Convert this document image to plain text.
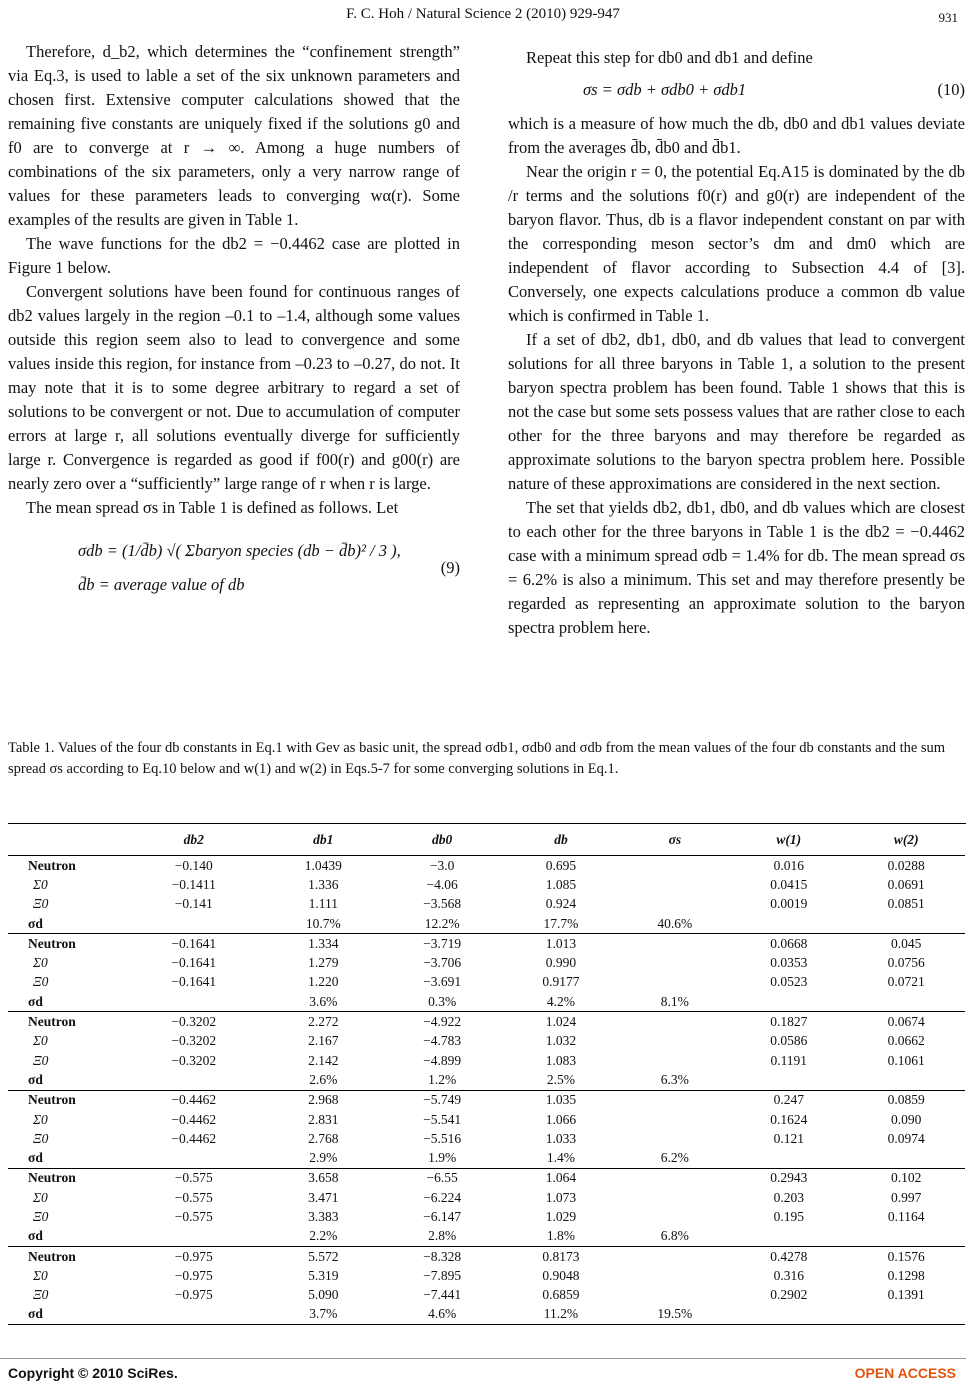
F. C. Hoh / Natural Science 2 (2010) 929-947	931

Therefore, d_b2, which determines the “confinement strength” via Eq.3, is used to lable a set of the six unknown parameters and chosen first. Extensive computer calculations showed that the remaining five constants are uniquely fixed if the solutions g0 and f0 are to converge at r → ∞. Among a huge numbers of combinations of the six parameters, only a very narrow range of values for these parameters leads to converging wα(r). Some examples of the results are given in Table 1.

The wave functions for the db2 = −0.4462 case are plotted in Figure 1 below.

Convergent solutions have been found for continuous ranges of db2 values largely in the region –0.1 to –1.4, although some values outside this region seem also to lead to convergence and some values inside this region, for instance from –0.23 to –0.27, do not. It may note that it is to some degree arbitrary to regard a set of solutions to be convergent or not. Due to accumulation of computer errors at large r, all solutions eventually diverge for sufficiently large r. Convergence is regarded as good if f00(r) and g00(r) are nearly zero over a “sufficiently” large range of r when r is large.

The mean spread σs in Table 1 is defined as follows. Let

σdb = (1/d̄b) √( Σbaryon species (db − d̄b)² / 3 ),
d̄b = average value of db
(9)
Repeat this step for db0 and db1 and define
σs = σdb + σdb0 + σdb1	(10)

which is a measure of how much the db, db0 and db1 values deviate from the averages d̄b, d̄b0 and d̄b1.

Near the origin r = 0, the potential Eq.A15 is dominated by the db /r terms and the solutions f0(r) and g0(r) are independent of the baryon flavor. Thus, db is a flavor independent constant on par with the corresponding meson sector’s dm and dm0 which are independent of flavor according to Subsection 4.4 of [3]. Conversely, one expects calculations produce a common db value which is confirmed in Table 1.

If a set of db2, db1, db0, and db values that lead to convergent solutions for all three baryons in Table 1, a solution to the present baryon spectra problem has been found. Table 1 shows that this is not the case but some sets possess values that are rather close to each other for the three baryons and may therefore be regarded as approximate solutions to the baryon spectra problem here. Possible nature of these approximations are considered in the next section.

The set that yields db2, db1, db0, and db values which are closest to each other for the three baryons in Table 1 is the db2 = −0.4462 case with a minimum spread σdb = 1.4% for db. The mean spread σs = 6.2% is also a minimum. This set and may therefore presently be regarded as representing an approximate solution to the baryon spectra problem here.

Table 1. Values of the four db constants in Eq.1 with Gev as basic unit, the spread σdb1, σdb0 and σdb from the mean values of the four db constants and the sum spread σs according to Eq.10 below and w(1) and w(2) in Eqs.5-7 for some converging solutions in Eq.1.
	db2	db1	db0	db	σs	w(1)	w(2)
Neutron	−0.140	1.0439	−3.0	0.695		0.016	0.0288
Σ0	−0.1411	1.336	−4.06	1.085		0.0415	0.0691
Ξ0	−0.141	1.111	−3.568	0.924		0.0019	0.0851
σd		10.7%	12.2%	17.7%	40.6%		
Neutron	−0.1641	1.334	−3.719	1.013		0.0668	0.045
Σ0	−0.1641	1.279	−3.706	0.990		0.0353	0.0756
Ξ0	−0.1641	1.220	−3.691	0.9177		0.0523	0.0721
σd		3.6%	0.3%	4.2%	8.1%		
Neutron	−0.3202	2.272	−4.922	1.024		0.1827	0.0674
Σ0	−0.3202	2.167	−4.783	1.032		0.0586	0.0662
Ξ0	−0.3202	2.142	−4.899	1.083		0.1191	0.1061
σd		2.6%	1.2%	2.5%	6.3%		
Neutron	−0.4462	2.968	−5.749	1.035		0.247	0.0859
Σ0	−0.4462	2.831	−5.541	1.066		0.1624	0.090
Ξ0	−0.4462	2.768	−5.516	1.033		0.121	0.0974
σd		2.9%	1.9%	1.4%	6.2%		
Neutron	−0.575	3.658	−6.55	1.064		0.2943	0.102
Σ0	−0.575	3.471	−6.224	1.073		0.203	0.997
Ξ0	−0.575	3.383	−6.147	1.029		0.195	0.1164
σd		2.2%	2.8%	1.8%	6.8%		
Neutron	−0.975	5.572	−8.328	0.8173		0.4278	0.1576
Σ0	−0.975	5.319	−7.895	0.9048		0.316	0.1298
Ξ0	−0.975	5.090	−7.441	0.6859		0.2902	0.1391
σd		3.7%	4.6%	11.2%	19.5%		
Copyright © 2010 SciRes.	OPEN ACCESS
